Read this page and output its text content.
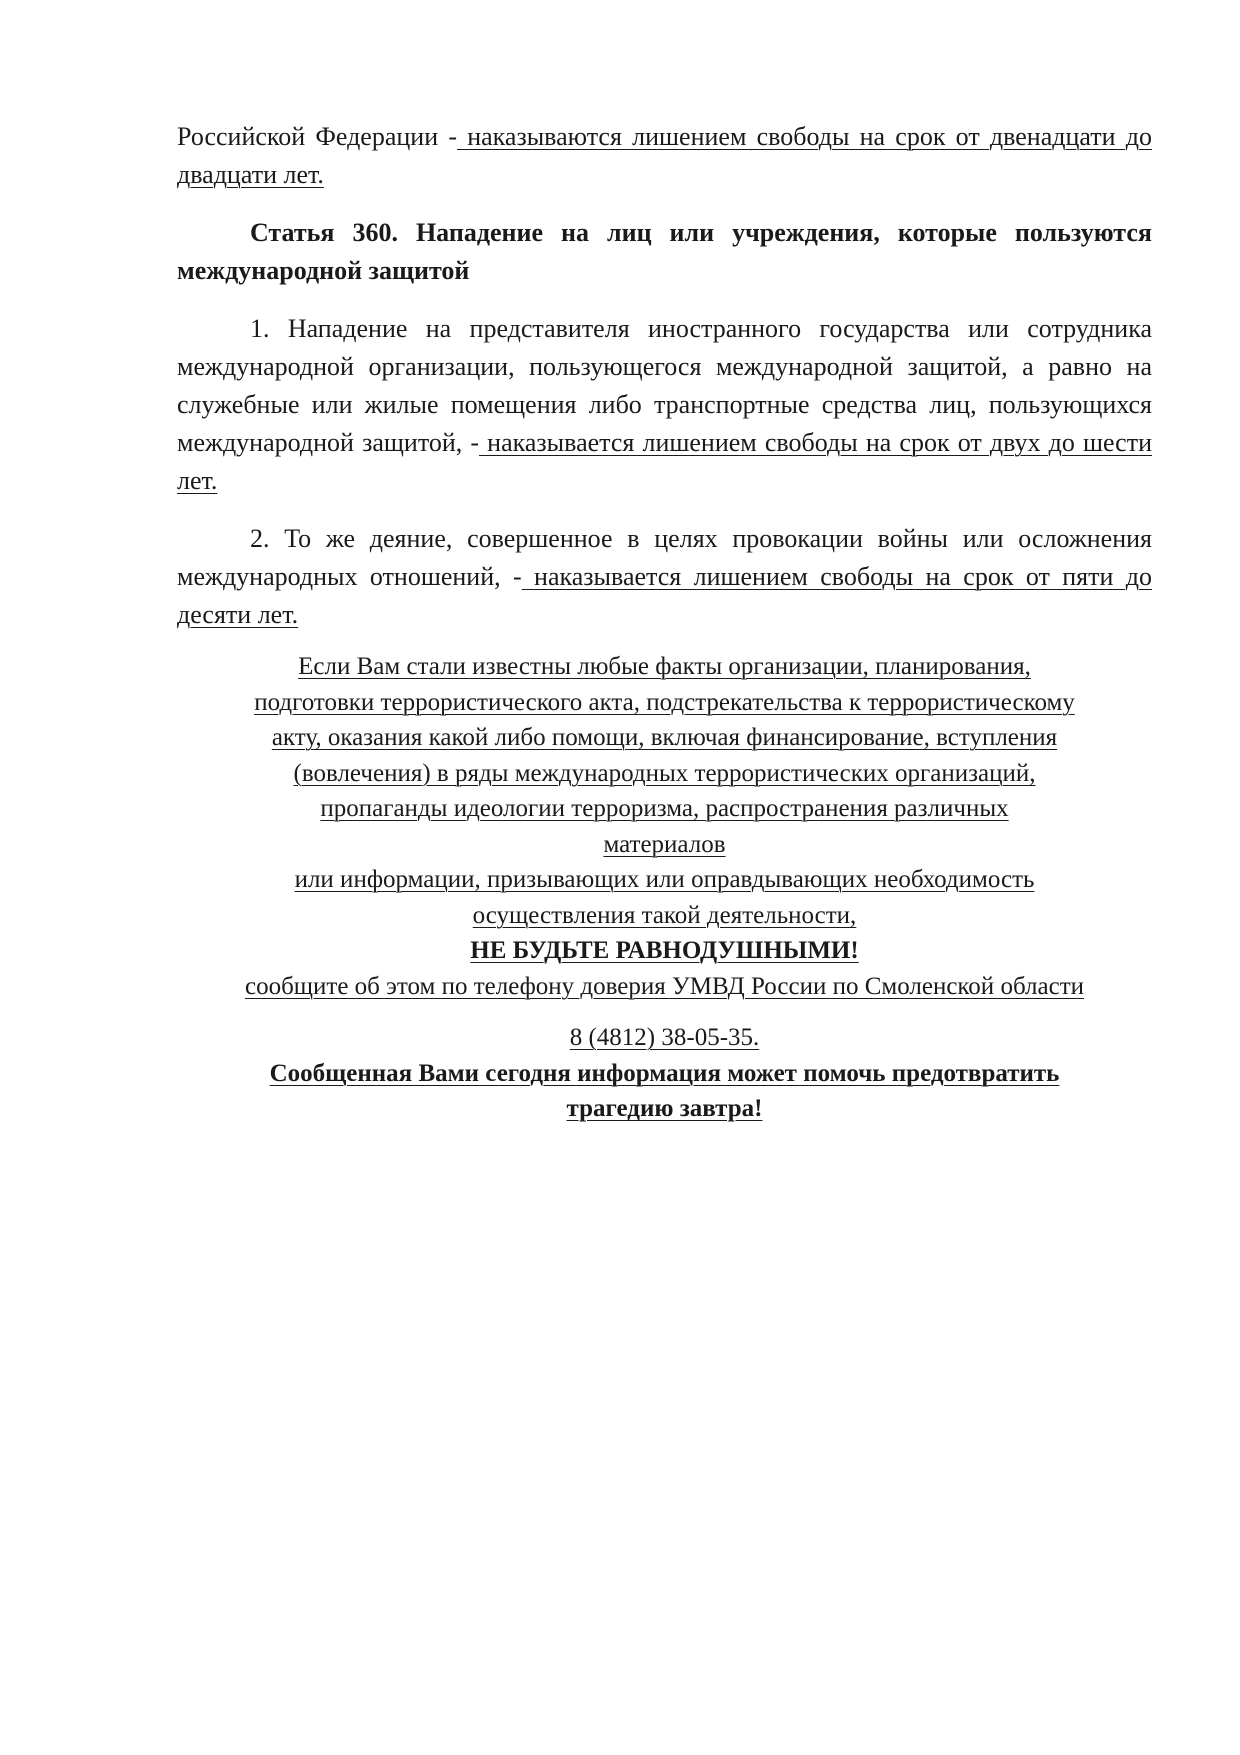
Российской Федерации - наказываются лишением свободы на срок от двенадцати до двадцати лет.

Статья 360. Нападение на лиц или учреждения, которые пользуются международной защитой

1. Нападение на представителя иностранного государства или сотрудника международной организации, пользующегося международной защитой, а равно на служебные или жилые помещения либо транспортные средства лиц, пользующихся международной защитой, - наказывается лишением свободы на срок от двух до шести лет.

2. То же деяние, совершенное в целях провокации войны или осложнения международных отношений, - наказывается лишением свободы на срок от пяти до десяти лет.

Если Вам стали известны любые факты организации, планирования,
подготовки террористического акта, подстрекательства к террористическому
акту, оказания какой либо помощи, включая финансирование, вступления
(вовлечения) в ряды международных террористических организаций,
пропаганды идеологии терроризма, распространения различных
материалов
или информации, призывающих или оправдывающих необходимость
осуществления такой деятельности,
НЕ БУДЬТЕ РАВНОДУШНЫМИ!
сообщите об этом по телефону доверия УМВД России по Смоленской области
8 (4812) 38-05-35.
Сообщенная Вами сегодня информация может помочь предотвратить
трагедию завтра!
